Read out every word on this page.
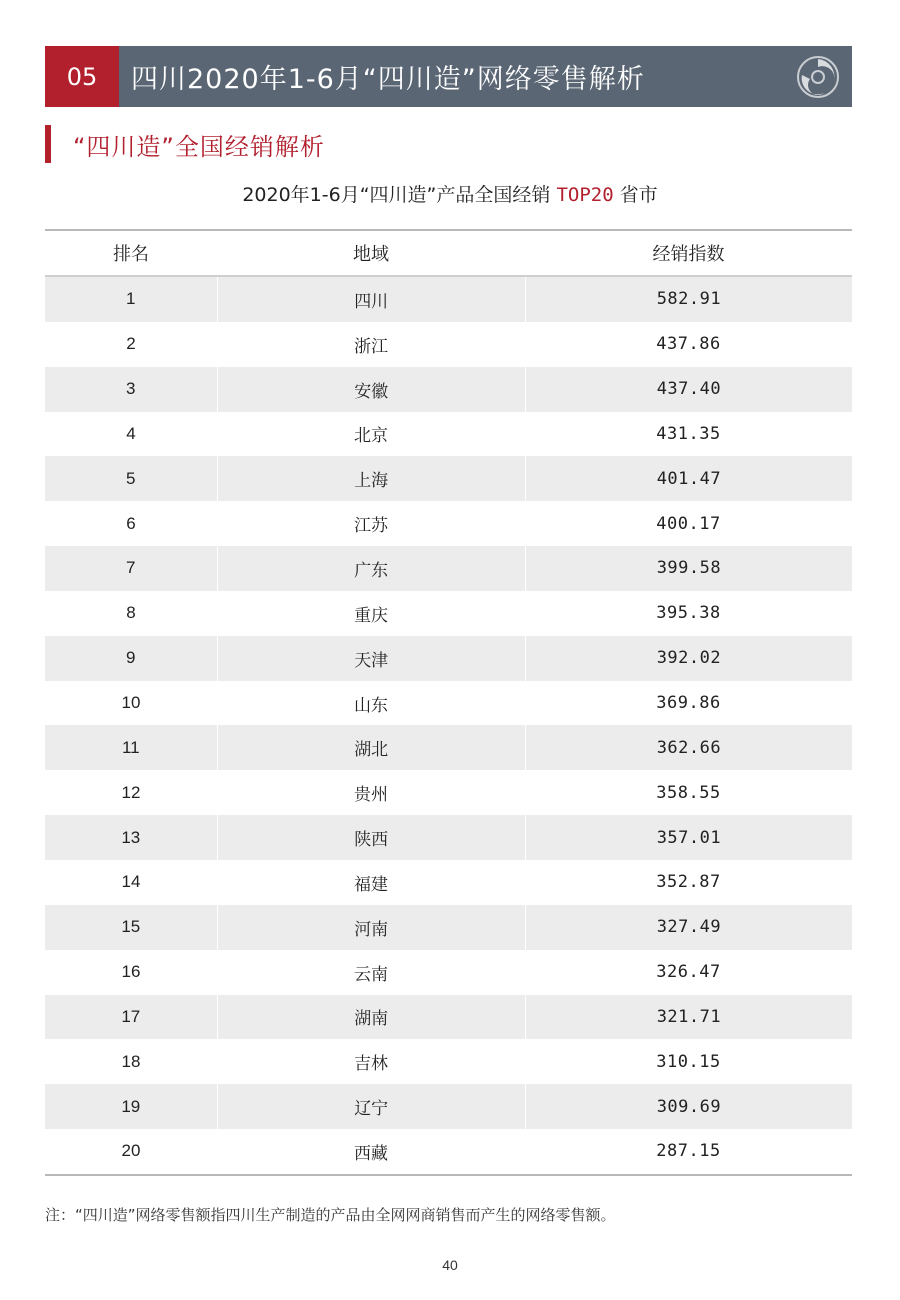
05	四川2020年1-6月“四川造”网络零售解析
“四川造”全国经销解析
2020年1-6月“四川造”产品全国经销 TOP20 省市
排名	地域	经销指数
1	四川	582.91
2	浙江	437.86
3	安徽	437.40
4	北京	431.35
5	上海	401.47
6	江苏	400.17
7	广东	399.58
8	重庆	395.38
9	天津	392.02
10	山东	369.86
11	湖北	362.66
12	贵州	358.55
13	陕西	357.01
14	福建	352.87
15	河南	327.49
16	云南	326.47
17	湖南	321.71
18	吉林	310.15
19	辽宁	309.69
20	西藏	287.15
注：“四川造”网络零售额指四川生产制造的产品由全网网商销售而产生的网络零售额。
40
